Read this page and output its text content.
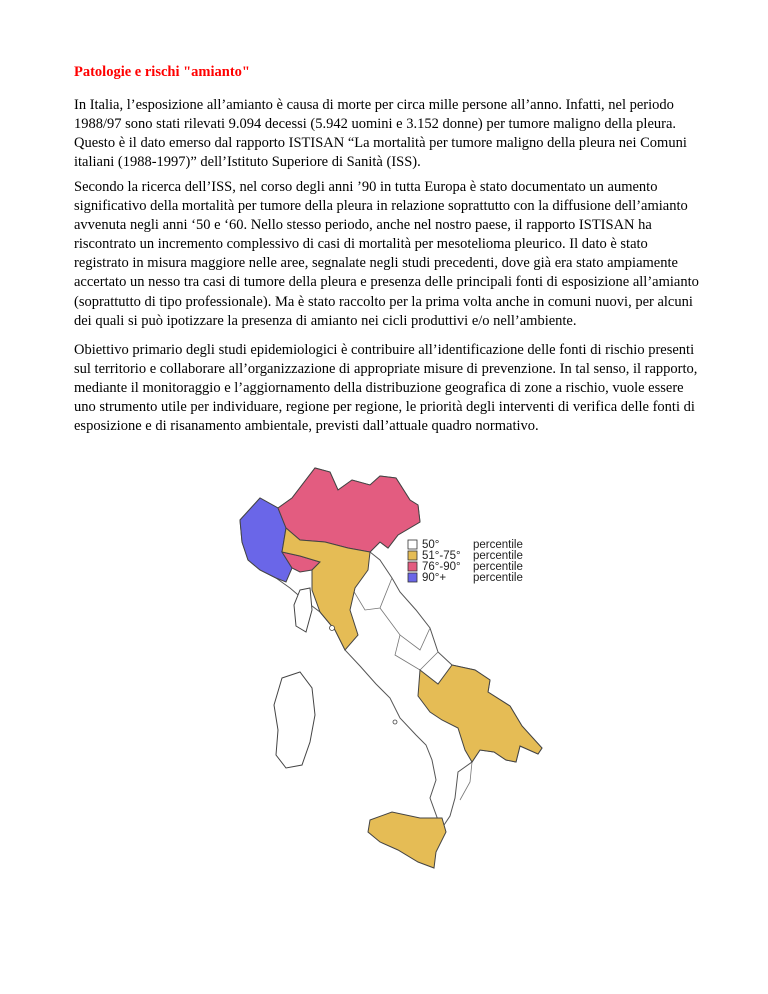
Patologie e rischi "amianto"

In Italia, l’esposizione all’amianto è causa di morte per circa mille persone all’anno. Infatti, nel periodo 1988/97 sono stati rilevati 9.094 decessi (5.942 uomini e 3.152 donne) per tumore maligno della pleura. Questo è il dato emerso dal rapporto ISTISAN “La mortalità per tumore maligno della pleura nei Comuni italiani (1988-1997)” dell’Istituto Superiore di Sanità (ISS).

Secondo la ricerca dell’ISS, nel corso degli anni ’90 in tutta Europa è stato documentato un aumento significativo della mortalità per tumore della pleura in relazione soprattutto con la diffusione dell’amianto avvenuta negli anni ‘50 e ‘60. Nello stesso periodo, anche nel nostro paese, il rapporto ISTISAN ha riscontrato un incremento complessivo di casi di mortalità per mesotelioma pleurico. Il dato è stato registrato in misura maggiore nelle aree, segnalate negli studi precedenti, dove già era stato ampiamente accertato un nesso tra casi di tumore della pleura e presenza delle principali fonti di esposizione all’amianto (soprattutto di tipo professionale). Ma è stato raccolto per la prima volta anche in comuni nuovi, per alcuni dei quali si può ipotizzare la presenza di amianto nei cicli produttivi e/o nell’ambiente.

Obiettivo primario degli studi epidemiologici è contribuire all’identificazione delle fonti di rischio presenti sul territorio e collaborare all’organizzazione di appropriate misure di prevenzione. In tal senso, il rapporto, mediante il monitoraggio e l’aggiornamento della distribuzione geografica di zone a rischio, vuole essere uno strumento utile per individuare, regione per regione, le priorità degli interventi di verifica delle fonti di esposizione e di risanamento ambientale, previsti dall’attuale quadro normativo.

50°
51°-75°
76°-90°
90°+
percentile
percentile
percentile
percentile
